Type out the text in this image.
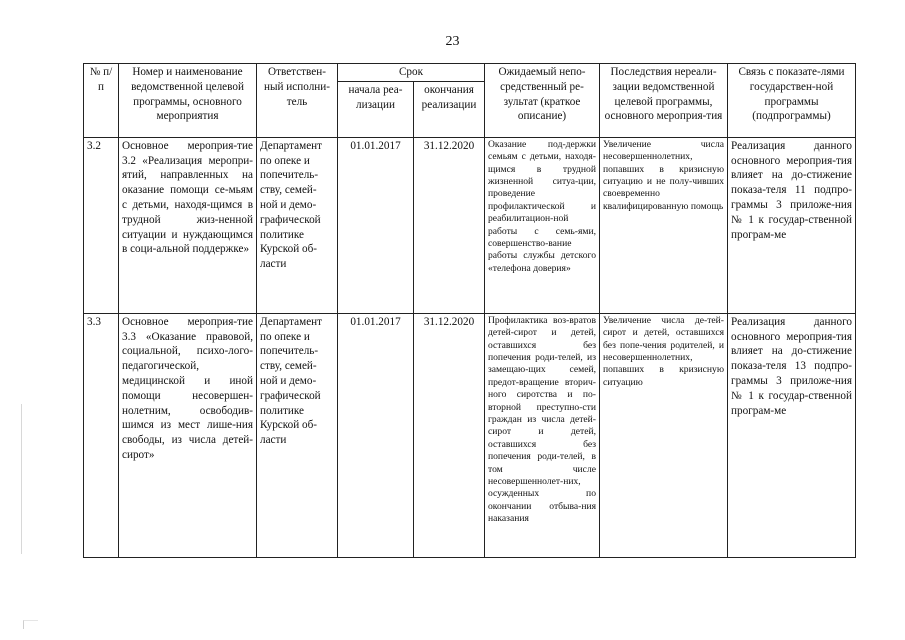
23
№ п/п	Номер и наименование ведомственной целевой программы, основного мероприятия	Ответствен-ный исполни-тель	Срок		Ожидаемый непо-средственный ре-зультат (краткое описание)	Последствия нереали-зации ведомственной целевой программы, основного мероприя-тия	Связь с показате-лями государствен-ной программы (подпрограммы)
			начала реа-лизации	окончания реализации			
3.2	Основное мероприя-тие 3.2 «Реализация меропри-ятий, направленных на оказание помощи се-мьям с детьми, находя-щимся в трудной жиз-ненной ситуации и нуждающимся в соци-альной поддержке»	Департамент по опеке и попечитель-ству, семей-ной и демо-графической политике Курской об-ласти	01.01.2017	31.12.2020	Оказание под-держки семьям с детьми, находя-щимся в трудной жизненной ситуа-ции, проведение профилактической и реабилитацион-ной работы с семь-ями, совершенство-вание работы службы детского «телефона доверия»	Увеличение числа несовершеннолетних, попавших в кризисную ситуацию и не полу-чивших своевременно квалифицированную помощь	Реализация данного основного мероприя-тия влияет на до-стижение показа-теля 11 подпро-граммы 3 приложе-ния № 1 к государ-ственной програм-ме
3.3	Основное мероприя-тие 3.3 «Оказание правовой, социальной, психо-лого-педагогической, медицинской и иной помощи несовершен-нолетним, освободив-шимся из мест лише-ния свободы, из числа детей-сирот»	Департамент по опеке и попечитель-ству, семей-ной и демо-графической политике Курской об-ласти	01.01.2017	31.12.2020	Профилактика воз-вратов детей-сирот и детей, оставшихся без попечения роди-телей, из замещаю-щих семей, предот-вращение вторич-ного сиротства и по-вторной преступно-сти граждан из числа детей-сирот и детей, оставшихся без попечения роди-телей, в том числе несовершеннолет-них, осужденных по окончании отбыва-ния наказания	Увеличение числа де-тей-сирот и детей, оставшихся без попе-чения родителей, и несовершеннолетних, попавших в кризисную ситуацию	Реализация данного основного мероприя-тия влияет на до-стижение показа-теля 13 подпро-граммы 3 приложе-ния № 1 к государ-ственной програм-ме
